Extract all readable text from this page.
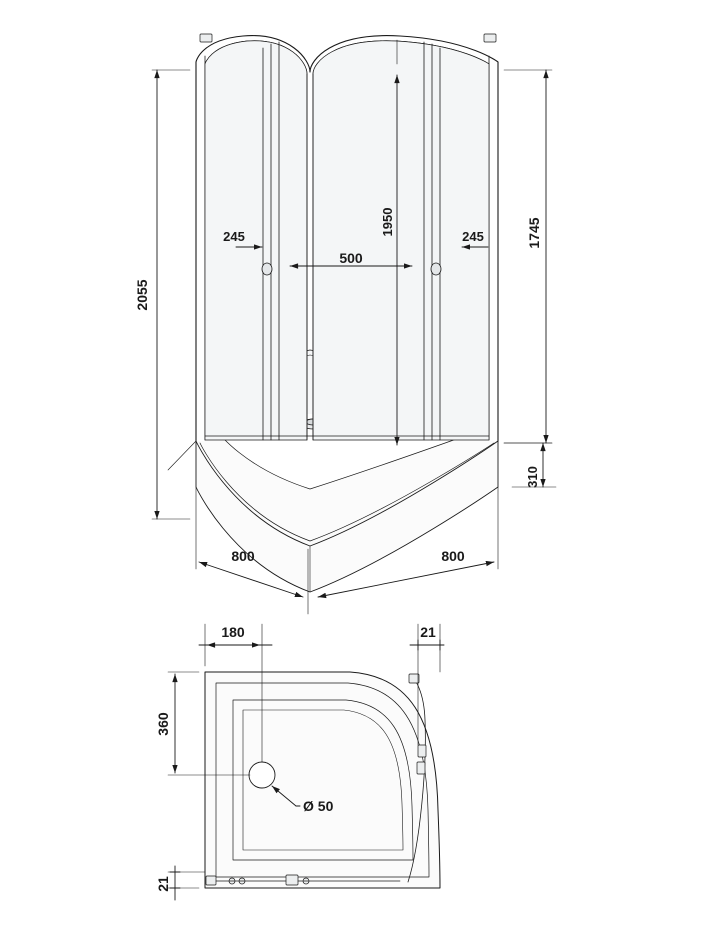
2055
1950	1745
310
245
500
245
800	800
180	21
360
21
Ø 50
